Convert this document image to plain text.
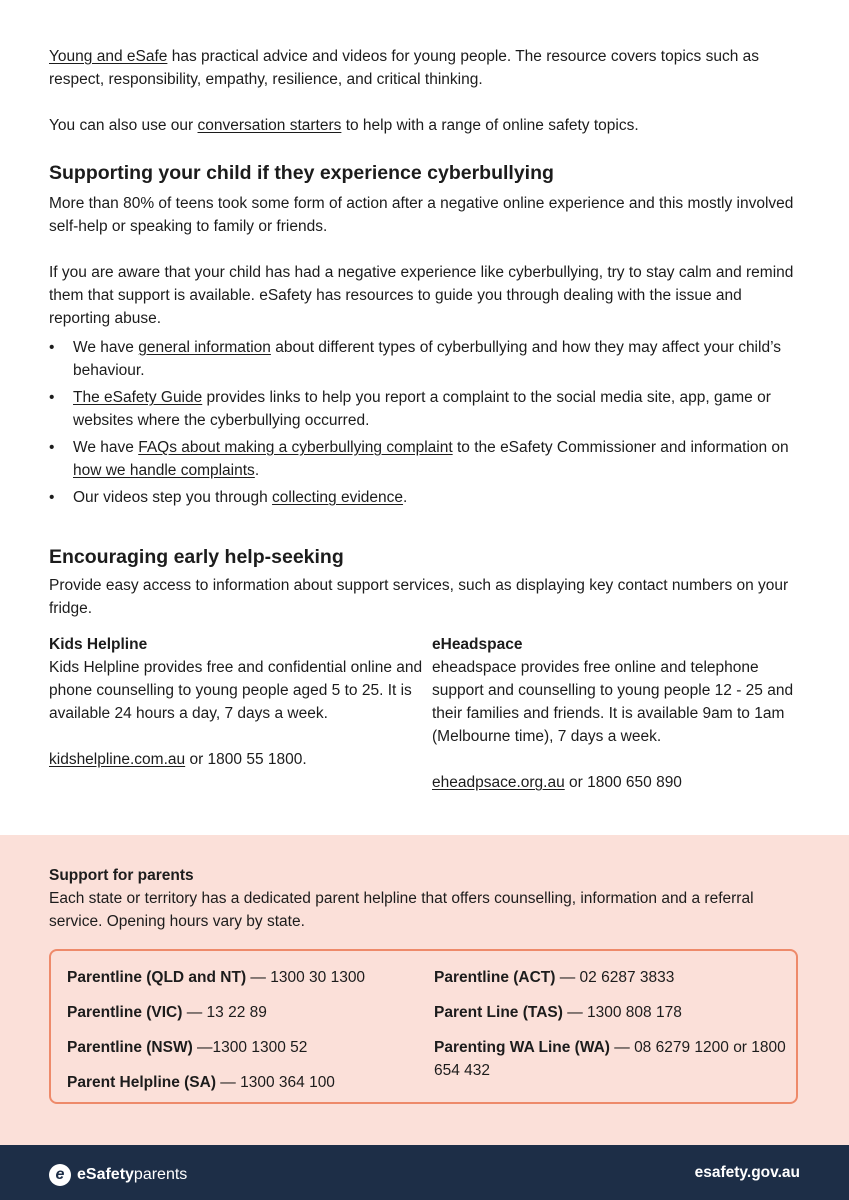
Young and eSafe has practical advice and videos for young people. The resource covers topics such as respect, responsibility, empathy, resilience, and critical thinking.

You can also use our conversation starters to help with a range of online safety topics.

Supporting your child if they experience cyberbullying

More than 80% of teens took some form of action after a negative online experience and this mostly involved self-help or speaking to family or friends.

If you are aware that your child has had a negative experience like cyberbullying, try to stay calm and remind them that support is available. eSafety has resources to guide you through dealing with the issue and reporting abuse.

• We have general information about different types of cyberbullying and how they may affect your child’s behaviour.
• The eSafety Guide provides links to help you report a complaint to the social media site, app, game or websites where the cyberbullying occurred.
• We have FAQs about making a cyberbullying complaint to the eSafety Commissioner and information on how we handle complaints.
• Our videos step you through collecting evidence.
Encouraging early help-seeking

Provide easy access to information about support services, such as displaying key contact numbers on your fridge.

Kids Helpline

Kids Helpline provides free and confidential online and phone counselling to young people aged 5 to 25. It is available 24 hours a day, 7 days a week.

kidshelpline.com.au or 1800 55 1800.

eHeadspace

eheadspace provides free online and telephone support and counselling to young people 12 - 25 and their families and friends. It is available 9am to 1am (Melbourne time), 7 days a week.

eheadpsace.org.au or 1800 650 890

Support for parents

Each state or territory has a dedicated parent helpline that offers counselling, information and a referral service. Opening hours vary by state.

Parentline (QLD and NT) — 1300 30 1300
Parentline (VIC) — 13 22 89
Parentline (NSW) —1300 1300 52
Parent Helpline (SA) — 1300 364 100
Parentline (ACT) — 02 6287 3833
Parent Line (TAS) — 1300 808 178
Parenting WA Line (WA) — 08 6279 1200 or 1800 654 432
e eSafetyparents	esafety.gov.au
